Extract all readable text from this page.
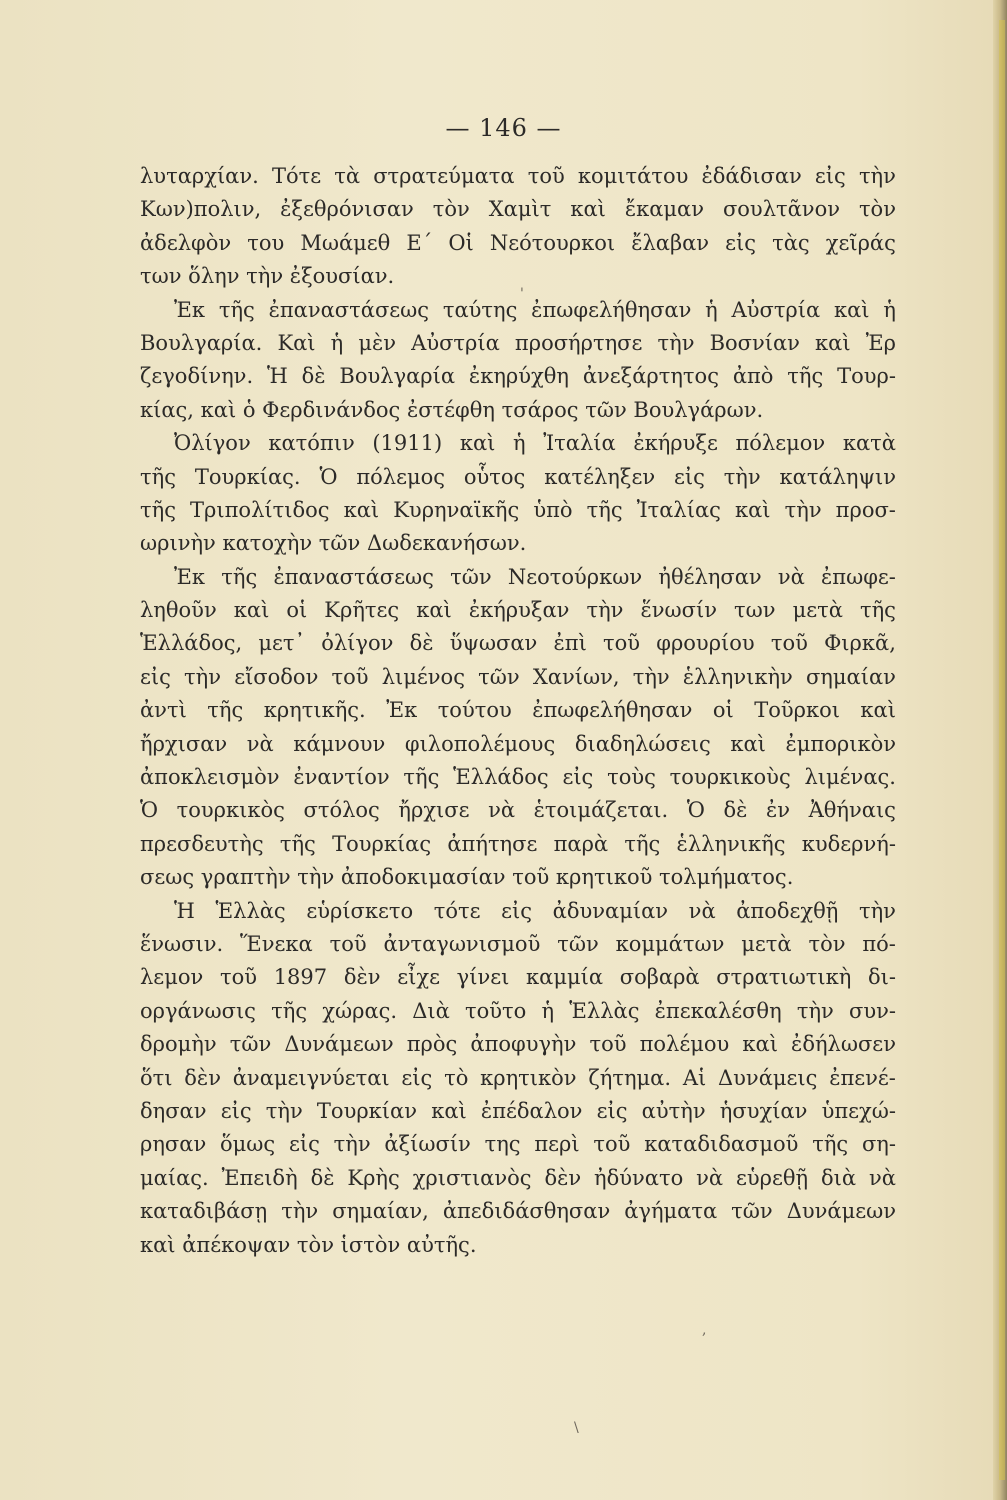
— 146 —
λυταρχίαν. Τότε τὰ στρατεύματα τοῦ κομιτάτου ἐδάδισαν εἰς τὴν
Κων)πολιν, ἐξεθρόνισαν τὸν Χαμὶτ καὶ ἔκαμαν σουλτᾶνον τὸν
ἀδελφὸν του Μωάμεθ Ε΄ Οἱ Νεότουρκοι ἔλαβαν εἰς τὰς χεῖράς
των ὅλην τὴν ἐξουσίαν.
Ἐκ τῆς ἐπαναστάσεως ταύτης ἐπωφελήθησαν ἡ Αὐστρία καὶ ἡ
Βουλγαρία. Καὶ ἡ μὲν Αὐστρία προσήρτησε τὴν Βοσνίαν καὶ Ἐρ
ζεγοδίνην. Ἡ δὲ Βουλγαρία ἐκηρύχθη ἀνεξάρτητος ἀπὸ τῆς Τουρ-
κίας, καὶ ὁ Φερδινάνδος ἐστέφθη τσάρος τῶν Βουλγάρων.
Ὀλίγον κατόπιν (1911) καὶ ἡ Ἰταλία ἐκήρυξε πόλεμον κατὰ
τῆς Τουρκίας. Ὁ πόλεμος οὗτος κατέληξεν εἰς τὴν κατάληψιν
τῆς Τριπολίτιδος καὶ Κυρηναϊκῆς ὑπὸ τῆς Ἰταλίας καὶ τὴν προσ-
ωρινὴν κατοχὴν τῶν Δωδεκανήσων.
Ἐκ τῆς ἐπαναστάσεως τῶν Νεοτούρκων ἠθέλησαν νὰ ἐπωφε-
ληθοῦν καὶ οἱ Κρῆτες καὶ ἐκήρυξαν τὴν ἕνωσίν των μετὰ τῆς
Ἑλλάδος, μετ᾽ ὀλίγον δὲ ὕψωσαν ἐπὶ τοῦ φρουρίου τοῦ Φιρκᾶ,
εἰς τὴν εἴσοδον τοῦ λιμένος τῶν Χανίων, τὴν ἑλληνικὴν σημαίαν
ἀντὶ τῆς κρητικῆς. Ἐκ τούτου ἐπωφελήθησαν οἱ Τοῦρκοι καὶ
ἤρχισαν νὰ κάμνουν φιλοπολέμους διαδηλώσεις καὶ ἐμπορικὸν
ἀποκλεισμὸν ἐναντίον τῆς Ἑλλάδος εἰς τοὺς τουρκικοὺς λιμένας.
Ὁ τουρκικὸς στόλος ἤρχισε νὰ ἑτοιμάζεται. Ὁ δὲ ἐν Ἀθήναις
πρεσδευτὴς τῆς Τουρκίας ἀπήτησε παρὰ τῆς ἑλληνικῆς κυδερνή-
σεως γραπτὴν τὴν ἀποδοκιμασίαν τοῦ κρητικοῦ τολμήματος.
Ἡ Ἑλλὰς εὑρίσκετο τότε εἰς ἀδυναμίαν νὰ ἀποδεχθῇ τὴν
ἕνωσιν. Ἕνεκα τοῦ ἀνταγωνισμοῦ τῶν κομμάτων μετὰ τὸν πό-
λεμον τοῦ 1897 δὲν εἶχε γίνει καμμία σοβαρὰ στρατιωτικὴ δι-
οργάνωσις τῆς χώρας. Διὰ τοῦτο ἡ Ἑλλὰς ἐπεκαλέσθη τὴν συν-
δρομὴν τῶν Δυνάμεων πρὸς ἀποφυγὴν τοῦ πολέμου καὶ ἐδήλωσεν
ὅτι δὲν ἀναμειγνύεται εἰς τὸ κρητικὸν ζήτημα. Αἱ Δυνάμεις ἐπενέ-
δησαν εἰς τὴν Τουρκίαν καὶ ἐπέδαλον εἰς αὐτὴν ἡσυχίαν ὑπεχώ-
ρησαν ὅμως εἰς τὴν ἀξίωσίν της περὶ τοῦ καταδιδασμοῦ τῆς ση-
μαίας. Ἐπειδὴ δὲ Κρὴς χριστιανὸς δὲν ἠδύνατο νὰ εὑρεθῇ διὰ νὰ
καταδιβάσῃ τὴν σημαίαν, ἀπεδιδάσθησαν ἀγήματα τῶν Δυνάμεων
καὶ ἀπέκοψαν τὸν ἱστὸν αὐτῆς.
'
,
\
